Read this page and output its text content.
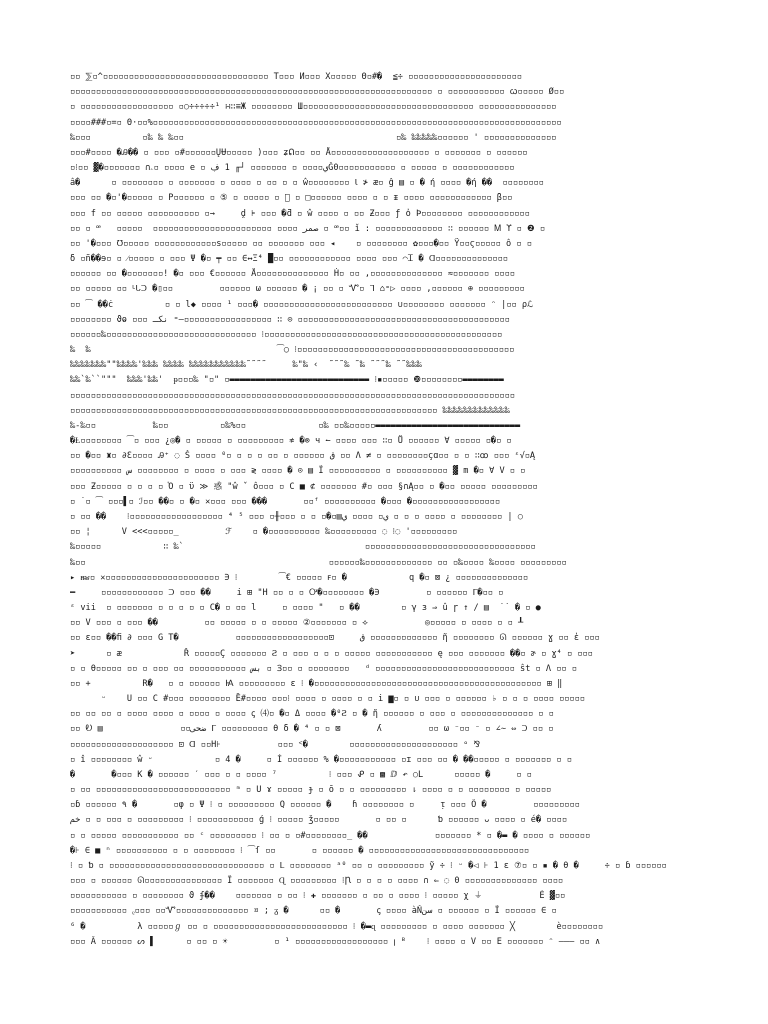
▫▫ ⅀▫^▫▫▫▫▫▫▫▫▫▫▫▫▫▫▫▫▫▫▫▫▫▫▫▫▫▫▫▫▫▫▫▫ T▫▫▫ И▫▫▫ X▫▫▫▫▫ Θ▫#�  ≦÷ ▫▫▫▫▫▫▫▫▫▫▫▫▫▫▫▫▫▫▫▫▫▫
▫▫▫▫▫▫▫▫▫▫▫▫▫▫▫▫▫▫▫▫▫▫▫▫▫▫▫▫▫▫▫▫▫▫▫▫▫▫▫▫▫▫▫▫▫▫▫▫▫▫▫▫▫▫▫▫▫▫▫▫▫▫▫▫▫▫▫▫▫▫ ▫ ▫▫▫▫▫▫▫▫▫▫▫ ꞷ▫▫▫▫▫ Ø▫▫
▫ ▫▫▫▫▫▫▫▫▫▫▫▫▫▫▫▫▫▫ ▫○÷÷÷÷÷¹ ∺∷≡Ж ▫▫▫▫▫▫▫▫ Ш▫▫▫▫▫▫▫▫▫▫▫▫▫▫▫▫▫▫▫▫▫▫▫▫▫▫▫▫▫▫▫▫▫ ▫▫▫▫▫▫▫▫▫▫▫▫▫▫▫
▫▫▫▫###▫=▫ Θ·▫▫%▫▫▫▫▫▫▫▫▫▫▫▫▫▫▫▫▫▫▫▫▫▫▫▫▫▫▫▫▫▫▫▫▫▫▫▫▫▫▫▫▫▫▫▫▫▫▫▫▫▫▫▫▫▫▫▫▫▫▫▫▫▫▫▫▫▫▫▫▫▫▫▫▫▫▫▫▫▫▫
‰▫▫▫          ▫‰ ‰ ‰▫▫                                         ▫‰ ‰‰‰‰‰▫▫▫▫▫▫ ' ▫▫▫▫▫▫▫▫▫▫▫▫▫▫
▫▫▫#▫▫▫▫ �Ꭿ�� ▫ ▫▫▫ ▫#▫▫▫▫▫▫ŲɄ▫▫▫▫▫ )▫▫▫ ʑᕠ▫▫ ▫▫ Å▫▫▫▫▫▫▫▫▫▫▫▫▫▫▫▫▫▫▫ ▫ ▫▫▫▫▫▫▫ ▫ ▫▫▫▫▫▫
▫⁝▫▫ ▓�▫▫▫▫▫▫▫ ∩ۦ▫ ▫▫▫▫ e ▫ ي▫▫▫▫ ▫ ▫▫▫▫▫▫▫ ┘╓ 1 ڣĞ0▫▫▫▫▫▫▫▫▫▫▫ ▫ ▫▫▫▫▫ ▫ ▫▫▫▫▫▫▫▫▫▫▫▫
â�      ▫ ▫▫▫▫▫▫▫▫ ▫ ▫▫▫▫▫▫▫ ▫ ▫▫▫▫ ▫ ▫▫ ▫ ▫ ŵ▫▫▫▫▫▫▫▫ Ꙇ ≯ æ▫ ĝ ▤ ▫ � ή ▫▫▫▫ �ή ��  ▫▫▫▫▫▫▫▫
▫▫▫ ▫▫ �▫'�▫▫▫▫▫ ▫ P▫▫▫▫▫▫ ▫ ⑤ ▫ ▫▫▫▫▫ ▫ ᪾ ▫ □▫▫▫▫▫▫ ▫▫▫▫ ▫ ▫ ᵻ ▫▫▫▫ ▫▫▫▫▫▫▫▫▫▫▫▫ β▫▫
▫▫▫ f ▫▫ ▫▫▫▫▫ ▫▫▫▫▫▫▫▫▫▫ ▫→     ḓ ⊧ ▫▫▫ �ƌ ▫ ŵ ▫▫▫▫ ▫ ▫▫ Ƶ▫▫▫ ƒ ὀ Þ▫▫▫▫▫▫▫▫ ▫▫▫▫▫▫▫▫▫▫▫▫
▫▫ ▫ ꟹ   ▫▫▫▫▫  ▫▫▫▫▫▫▫▫▫▫▫▫▫▫▫▫▫▫▫▫▫▫▫ ▫▫▫▫ صمر ▫ ꟹ▫▫ ǐ : ▫▫▫▫▫▫▫▫▫▫▫▫▫ ∷ ▫▫▫▫▫▫ Ꮇ ϒ ▫ ❷ ▫
▫▫ '�▫▫▫ ℧▫▫▫▫▫ ▫▫▫▫▫▫▫▫▫▫▫▫s▫▫▫▫▫ ▫▫ ▫▫▫▫▫▫▫ ▫▫▫ ◂    ▫ ▫▫▫▫▫▫▫▫ ✿▫▫▫�▫▫ Ÿ▫▫ϛ▫▫▫▫▫ ô ▫ ▫
δ ▫ñ��ɘ▫ ▫ ⁄▫▫▫▫▫ ▫ ▫▫▫ Ψ �▫ ┯ ▫▫ ∈↔Ξ⁴ █▫▫ ▫▫▫▫▫▫▫▫▫▫▫▫ ▫▫▫▫ ▫▫▫ ⌒Ꮖ � ᗡ▫▫▫▫▫▫▫▫▫▫▫▫▫▫
▫▫▫▫▫▫ ▫▫ �▫▫▫▫▫▫▫! �▫ ▫▫▫ €▫▫▫▫▫▫ Å▫▫▫▫▫▫▫▫▫▫▫▫▫▫ Ḣ▫ ▫▫ ,▫▫▫▫▫▫▫▫▫▫▫▫▫▫ ≈▫▫▫▫▫▫▫ ▫▫▫▫
▫▫ ▫▫▫▫▫ ▫▫ ᒻᒐᑐ �▯▫▫         ▫▫▫▫▫▫ ω ▫▫▫▫▫▫ � ¡ ▫▫ ▫ Ꮙ▫ ᒣ ⌂⁼▷ ▫▫▫▫ ,▫▫▫▫▫▫ ⊕ ▫▫▫▫▫▫▫▫▫
▫▫ ⁀ ��ċ          ▫ ▫ l◆ ▫▫▫▫ ¹ ▫▫▫� ▫▫▫▫▫▫▫▫▫▫▫▫▫▫▫▫▫▫▫▫▫▫▫▫▫ ∪▫▫▫▫▫▫▫▫ ▫▫▫▫▫▫▫ ᵔ |▫▫ ρℒ
▫▫▫▫▫▫▫▫ ϑⱺ ▫▫▫ نکـ ⁼‒▫▫▫▫▫▫▫▫▫▫▫▫▫▫▫▫▫ ∷ ⊙ ▫▫▫▫▫▫▫▫▫▫▫▫▫▫▫▫▫▫▫▫▫▫▫▫▫▫▫▫▫▫▫▫▫▫▫▫▫▫▫▫▫
▫▫▫▫▫▫‰▫▫▫▫▫▫▫▫▫▫▫▫▫▫▫▫▫▫▫▫▫▫▫▫▫▫▫▫▫ ⁝▫▫▫▫▫▫▫▫▫▫▫▫▫▫▫▫▫▫▫▫▫▫▫▫▫▫▫▫▫▫▫▫▫▫▫▫▫▫▫▫▫▫▫▫▫▫
‰  ‰                                    ⁀◯ ⁝▫▫▫▫▫▫▫▫▫▫▫▫▫▫▫▫▫▫▫▫▫▫▫▫▫▫▫▫▫▫▫▫▫▫▫▫▫▫▫▫▫▫
‰‰‰‰‰‰‰""‰‰‰‰'‰‰‰ ‰‰‰‰ ‰‰‰‰‰‰‰‰‰‰‰˜˜˜˜     ‰"‰ ‹  ˜˜˜‰ ˜‰ ˜˜˜‰ ˜˜‰‰‰
‰‰`‰``"""  ‰‰‰'‰‰'  ᵽ▫▫▫‰ "▫" ▫▬▬▬▬▬▬▬▬▬▬▬▬▬▬▬▬▬▬▬▬▬▬▬▬▬▬▬ ⁝▪▫▫▫▫▫ ❿▫▫▫▫▫▫▫▫▬▬▬▬▬▬▬▬
▫▫▫▫▫▫▫▫▫▫▫▫▫▫▫▫▫▫▫▫▫▫▫▫▫▫▫▫▫▫▫▫▫▫▫▫▫▫▫▫▫▫▫▫▫▫▫▫▫▫▫▫▫▫▫▫▫▫▫▫▫▫▫▫▫▫▫▫▫▫▫▫▫▫▫▫▫▫▫▫▫▫▫▫▫▫
▫▫▫▫▫▫▫▫▫▫▫▫▫▫▫▫▫▫▫▫▫▫▫▫▫▫▫▫▫▫▫▫▫▫▫▫▫▫▫▫▫▫▫▫▫▫▫▫▫▫▫▫▫▫▫▫▫▫▫▫▫▫▫▫▫▫▫▫▫▫▫ ‰‰‰‰‰‰‰‰‰‰‰‰‰
‰-‰▫▫           ‰▫▫          ▫‰%▫▫              ▫‰ ▫▫‰▫▫▫▫▫▬▬▬▬▬▬▬▬▬▬▬▬▬▬▬▬▬▬▬▬▬▬▬▬▬▬▬▬
�Ⱡ▫▫▫▫▫▫▫▫ ⁀▫ ▫▫▫ ¿◎� ▫ ▫▫▫▫▫ ▫ ▫▫▫▫▫▫▫▫▫ ≉ �⊗ ч ↼ ▫▫▫▫ ▫▫▫ ∷▫ Ů ▫▫▫▫▫▫ ∀ ▫▫▫▫▫ ▫�▫ ▫
▫▫ �▫▫ ♜▫ ∂Ɛ▫▫▫▫ Ꭿ⁺ ◌ Š ▫▫▫▫ ⁰▫ ▫ ▫ ▫ ▫▫ ▫ ▫▫▫▫▫▫ ق ▫▫ Λ ≠ ▫ ▫▫▫▫▫▫▫▫çɑ▫▫ ▫ ▫ ∷ꝏ ▫▫▫ ᵋ√▫Ą
▫▫▫▫▫▫▫▫▫▫ س ▫▫▫▫▫▫▫▫ ▫ ▫▫▫▫ ▫ ▫▫▫ ≷ ▫▫▫▫ � ⊙ ▤ Ĩ ▫▫▫▫▫▫▫▫▫▫ ▫ ▫▫▫▫▫▫▫▫▫▫ ▓ m �▫ ∀ V ▫ ▫
▫▫▫ Ƶ▫▫▫▫▫ ▫ ▫ ▫ ▫ Ὁ ▫ ϋ ≫ 惑 "ŵ ˇ ô▫▫▫ ▫ C ■ ⊄ ▫▫▫▫▫▫▫ #▫ ▫▫▫ §∩Ą▫▫ ▫ �▫▫ ▫▫▫▫▫ ▫▫▫▫▫▫▫▫▫
▫ ˙▫ ⁀ ▫▫▫▌▫ ℐ▫▫ ��▫ ▫ �▫ ✕▫▫▫ ▫▫▫ ���       ▫▫ᶠ ▫▫▫▫▫▫▫▫▫▫ �▫▫▫ �▫▫▫▫▫▫▫▫▫▫▫▫▫▫▫▫▫
▫ ▫▫ ��    ⁝▫▫▫▫▫▫▫▫▫▫▫▫▫▫▫▫▫▫ ي▫ ▫▫▫▫ ي▤▫�▫ ▫ ▫ ▫▫▫╫▫ ▫▫▫ ⁵ ⁴ ▫ ▫ ▫ ▫▫▫▫ ▫ ▫▫▫▫▫▫▫▫ | ○
▫▫ ¦      V <<<▫▫▫▫▫_         ℱ    ▫ �▫▫▫▫▫▫▫▫▫▫ ‰▫▫▫▫▫▫▫▫▫ ◌ ⁝◌ '▫▫▫▫▫▫▫▫▫
‰▫▫▫▫▫            ∷ ‰`                                   ▫▫▫▫▫▫▫▫▫▫▫▫▫▫▫▫▫▫▫▫▫▫▫▫▫▫▫▫▫▫▫▫▫
‰▫▫                                               ▫▫▫▫▫▫‰▫▫▫▫▫▫▫▫▫▫▫▫▫ ▫▫ ▫‰▫▫▫▫ ‰▫▫▫▫ ▫▫▫▫▫▫▫▫▫
▸ ᵯᵳ▫ ✕▫▫▫▫▫▫▫▫▫▫▫▫▫▫▫▫▫▫▫▫▫▫ ∋ ⁝        ⁀€ ▫▫▫▫▫ ꜰ▫ �            q �▫ ⊠ ¿ ▫▫▫▫▫▫▫▫▫▫▫▫▫▫
━     ▫▫▫▫▫▫▫▫▫▫▫▫ ᑐ ▫▫▫ ��     i ⊞ "H ▫▫ ▫ ▫ Ꭴ�▫▫▫▫▫▫▫▫ �∋         ▫ ▫▫▫▫▫▫ ᒥ�▫▫ ▫
ᵋ vii  ▫ ▫▫▫▫▫▫▫ ▫ ▫ ▫ ▫ ▫ C� ▫ ▫▫ l     ▫ ▫▫▫▫ "   ▫ ��        ▫ γ ɜ ⇒ û ɼ ↑ / ▤  ˙˙ � ▫ ●
▫▫ V ▫▫▫ ▫ ▫▫▫ ��         ▫▫ ▫▫▫▫▫ ▫ ▫ ▫▫▫▫▫ ②▫▫▫▫▫▫▫ ▫ ⟡           ◎▫▫▫▫▫ ▫ ▫▫▫▫ ▫ ▫ ┸
▫▫ ɛ▫▫ ��ﬁ ∂ ▫▫▫ G T�           ▫▫▫▫▫▫▫▫▫▫▫▫▫▫▫▫▫▫⊡     ق ▫▫▫▫▫▫▫▫▫▫▫▫▫ ῆ ▫▫▫▫▫▫▫▫ ᘏ ▫▫▫▫▫▫ ɣ ▫▫ ἑ ▫▫▫
➤      ▫ æ            Ř ▫▫▫▫▫Ç ▫▫▫▫▫▫▫ Ꙅ ▫ ▫▫▫ ▫ ▫ ▫ ▫▫▫▫▫ ▫▫▫▫▫▫▫▫▫▫▫ ę ▫▫▫ ▫▫▫▫▫▫▫ ��▫ ɚ ▫ ɣ⁴ ▫ ▫▫▫
▫ ▫ θ▫▫▫▫▫ ▫▫ ▫ ▫▫▫ ▫▫ ▫▫▫▫▫▫▫▫▫▫▫ بس ▫ Ɜ▫▫ ▫ ▫▫▫▫▫▫▫▫   ᵈ ▫▫▫▫▫▫▫▫▫▫▫▫▫▫▫▫▫▫▫▫▫▫▫▫▫▫▫ ŝt ▫ Λ ▫▫ ▫
▫▫ +          R�   ▫ ▫ ▫▫▫▫▫▫ Ꙗ ▫▫▫▫▫▫▫▫▫ ε ⁝ �▫▫▫▫▫▫▫▫▫▫▫▫▫▫▫▫▫▫▫▫▫▫▫▫▫▫▫▫▫▫▫▫▫▫▫▫▫▫▫▫▫▫▫▫ ⊞ ‖
ᵕ    U ▫▫ C #▫▫▫ ▫▫▫▫▫▫▫▫ Ȅ#▫▫▫▫ ▫▫▫⁝ ▫▫▫▫ ▫ ▫▫▫▫ ▫ ▫ i ▆▫ ▫ ∪ ▫▫▫ ▫ ▫▫▫▫▫▫ ♭ ▫ ▫ ▫ ▫▫▫▫ ▫▫▫▫▫
▫▫ ▫▫ ▫▫ ▫ ▫▫▫▫ ▫▫▫▫ ▫ ▫▫▫▫ ▫ ▫▫▫▫ ꞔ ⑷▫ �▫ Δ ▫▫▫▫ �⁰Ꙅ ▫ � ῆ ▫▫▫▫▫▫ ▫ ▫▫▫ ▫ ▫▫▫▫▫▫▫▫▫▫▫▫▫▫ ▫ ▫
▫▫ Ꭷ ▤               ▫▫ضحى ᒥ ▫▫▫▫▫▫▫▫▫ θ δ � ⁴ ▫ ▫ ⊠       ʎ         ▫▫ ω ⁻▫▫ ⁻ ▫ ∠∼ ⇔ Ↄ ▫▫ ▫
▫▫▫▫▫▫▫▫▫▫▫▫▫▫▫▫▫▫▫▫ ⊡ ᗡ ▫▫H⊦           ▫▫▫ ᑉ�        ▫▫▫▫▫▫▫▫▫▫▫▫▫▫▫▫▫▫▫▫▫ ᵒ ⅋
▫ î ▫▫▫▫▫▫▫▫ ŵ ᵕ            ▫ 4 �     ▫ Í ▫▫▫▫▫▫ % �▫▫▫▫▫▫▫▫▫▫▫ ▫ɪ ▫▫▫ ▫▫ � ��▫▫▫▫▫ ▫ ▫▫▫▫▫▫▫ ▫ ▫
�       �▫▫▫ K � ▫▫▫▫▫▫ ′ ▫▫▫ ▫ ▫ ▫▫▫▫ ⁷          ⁝ ▫▫▫ ᕵ ▫ ▩ ⅅ ↶ ○L      ▫▫▫▫▫ �     ▫ ▫
▫ ▫▫ ▫▫▫▫▫▫▫▫▫▫▫▫▫▫▫▫▫▫▫▫▫▫▫▫▫▫ ᵐ ▫ U ɤ ▫▫▫▫▫ ɟ ▫ ō ▫ ▫ ▫▫▫▫▫▫▫▫▫ ⇂ ▫▫▫▫ ▫ ▫ ▫▫▫▫▫▫▫▫ ▫ ▫▫▫▫▫
▫ɓ ▫▫▫▫▫▫ ٩ �       ▫φ ▫ Ψ ⁝ ▫ ▫▫▫▫▫▫▫▫▫ Q ▫▫▫▫▫▫ �    ɦ ▫▫▫▫▫▫▫▫ ▫     ᴉ ▫▫▫ Ô �         ▫▫▫▫▫▫▫▫▫
خم ▫ ▫ ▫▫▫ ▫ ▫▫▫▫▫▫▫▫▫ ⁝ ▫▫▫▫▫▫▫▫▫▫▫ ǵ ⁝ ▫▫▫▫▫ ǯ▫▫▫▫▫       ▫ ▫▫ ▫      ƅ ▫▫▫▫▫▫ ᴗ ▫▫▫▫ ▫ é� ▫▫▫▫
▫ ▫ ▫▫▫▫▫ ▫▫▫▫▫▫▫▫▫▫▫ ▫▫ ᶜ ▫▫▫▫▫▫▫▫▫ ⁝ ▫▫ ▫ ▫#▫▫▫▫▫▫▫▫_ ��             ▫▫▫▫▫▫▫ * ▫ �▬ � ▫▫▫▫ ▫ ▫▫▫▫▫▫
�⊦ ∈ ■ ⁿ ▫▫▫▫▫▫▫▫▫▫ ▫ ▫ ▫▫▫▫▫▫▫▫ ⁝ ⁀ſ ▫▫       ▫ ▫▫▫▫▫▫ � ▫▫▫▫▫▫▫▫▫▫▫▫▫▫▫▫▫▫▫▫▫▫▫▫▫▫▫▫▫▫▫
⁝ ▫ ƅ ▫ ▫▫▫▫▫▫▫▫▫▫▫▫▫▫▫▫▫▫▫▫▫▫▫▫▫▫▫▫▫▫ ▫ ᒪ ▫▫▫▫▫▫▫▫ ᵃ⁰ ▫▫ ▫ ▫▫▫▫▫▫▫▫▫ ỹ ÷ ⁝ ᵕ �◁ ⊦ 1 ɛ ⑦▫ ▫ ▪ � θ �     ÷ ▫ ɓ ▫▫▫▫▫▫
▫▫▫ ▫ ▫▫▫▫▫▫ ᘏ▫▫▫▫▫▫▫▫▫▫▫▫▫▫▫ Ĩ ▫▫▫▫▫▫▫ Ɋ ▫▫▫▫▫▫▫▫▫ ⁝Ꞃ ▫ ▫ ▫ ▫ ▫▫▫▫ ∩ ⇐ ◌ 0 ▫▫▫▫▫▫▫▫▫▫▫▫▫▫ ▫▫▫▫
▫▫▫▫▫▫▫▫▫▫▫ ▫ ▫▫▫▫▫▫▫▫ ϑ ʄ��    ▫▫▫▫▫▫▫ ▫ ▫▫ ⁝ ✚ ▫▫▫▫▫▫▫ ▫ ▫▫ ▫ ▫▫▫▫ ⁝ ▫▫▫▫▫ χ ⏚           É ▓▫▫
▫▫▫▫▫▫▫▫▫▫▫ ᵨ▫▫▫ ▫▫Ꮙ▫▫▫▫▫▫▫▫▫▫▫▫▫▫ ¤ ; ᵹ �      ▫▫ �       ꞔ ▫▫▫▫ àŇسن ▫ ▫▫▫▫▫▫ ▫ Ĩ ▫▫▫▫▫▫ ∈ ▫
⁶ �          λ ▫▫▫▫▫ℊ ▫▫ ▫ ▫▫▫▫▫▫▫▫▫▫▫▫▫▫▫▫▫▫▫▫▫▫▫▫▫▫ ⁝ �▬ɋ ▫▫▫▫▫▫▫▫▫ ▫ ▫▫▫▫ ▫▫▫▫▫▫▫ ╳        è▫▫▫▫▫▫▫▫
▫▫▫ Â ▫▫▫▫▫▫ ᔕ ▌      ▫ ▫▫ ▫ ☀         ▫ ¹ ▫▫▫▫▫▫▫▫▫▫▫▫▫▫▫▫▫▫ ꞁ ᴮ    ⁝ ▫▫▫▫ ▫ V ▫▫ E ▫▫▫▫▫▫▫ ᵔ ——— ▫▫ ∧
